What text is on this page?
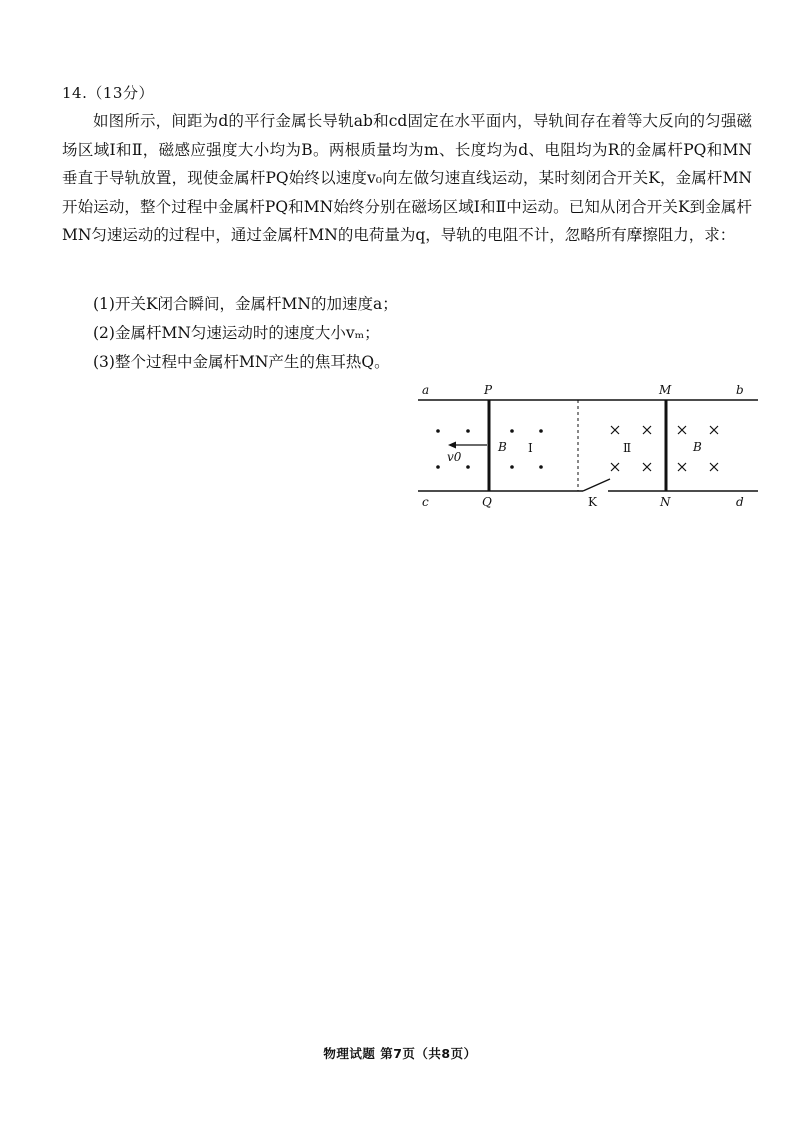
14.（13分）
如图所示，间距为d的平行金属长导轨ab和cd固定在水平面内，导轨间存在着等大反向的匀强磁场区域Ⅰ和Ⅱ，磁感应强度大小均为B。两根质量均为m、长度均为d、电阻均为R的金属杆PQ和MN垂直于导轨放置，现使金属杆PQ始终以速度v₀向左做匀速直线运动，某时刻闭合开关K，金属杆MN开始运动，整个过程中金属杆PQ和MN始终分别在磁场区域Ⅰ和Ⅱ中运动。已知从闭合开关K到金属杆MN匀速运动的过程中，通过金属杆MN的电荷量为q，导轨的电阻不计，忽略所有摩擦阻力，求：
(1)开关K闭合瞬间，金属杆MN的加速度a；
(2)金属杆MN匀速运动时的速度大小vₘ；
(3)整个过程中金属杆MN产生的焦耳热Q。
a	P	M	b
c	Q	K	N	d
B Ⅰ	Ⅱ	B
v0
物理试题 第7页（共8页）
